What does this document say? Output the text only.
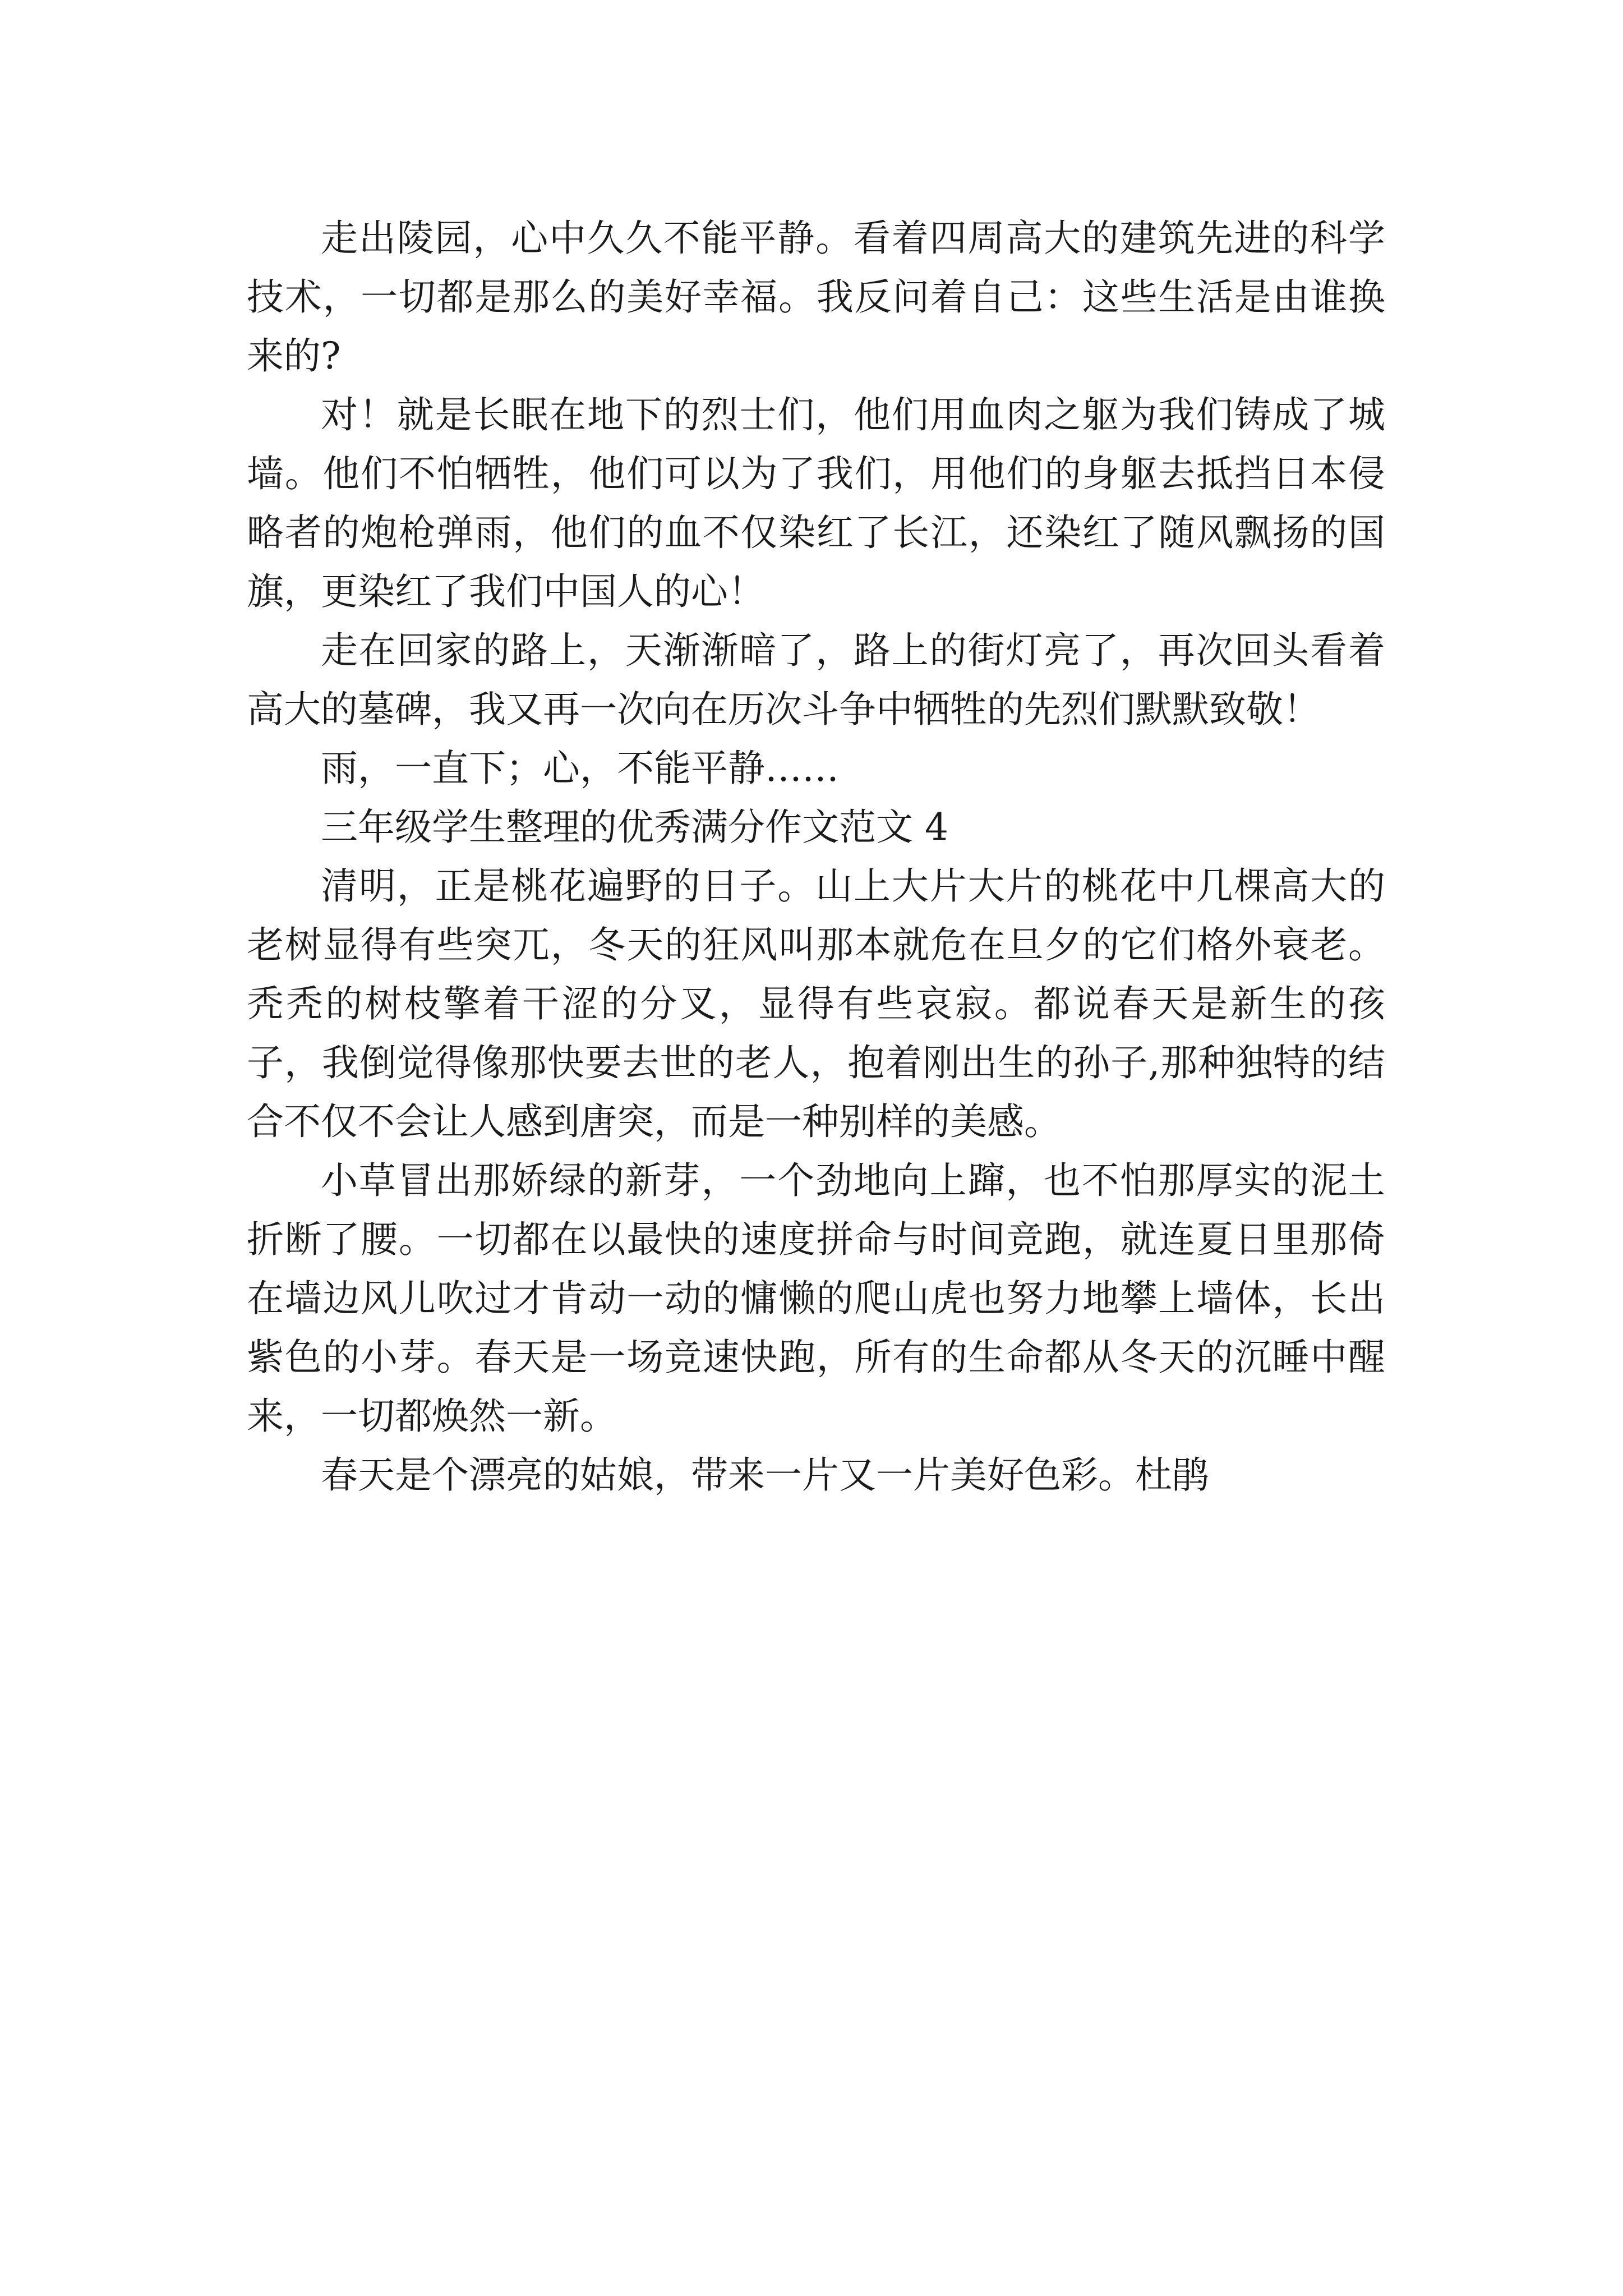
走出陵园，心中久久不能平静。看着四周高大的建筑先进的科学技术，一切都是那么的美好幸福。我反问着自己：这些生活是由谁换来的?

对！就是长眠在地下的烈士们，他们用血肉之躯为我们铸成了城墙。他们不怕牺牲，他们可以为了我们，用他们的身躯去抵挡日本侵略者的炮枪弹雨，他们的血不仅染红了长江，还染红了随风飘扬的国旗，更染红了我们中国人的心！

走在回家的路上，天渐渐暗了，路上的街灯亮了，再次回头看着高大的墓碑，我又再一次向在历次斗争中牺牲的先烈们默默致敬！

雨，一直下；心，不能平静……

三年级学生整理的优秀满分作文范文 4

清明，正是桃花遍野的日子。山上大片大片的桃花中几棵高大的老树显得有些突兀，冬天的狂风叫那本就危在旦夕的它们格外衰老。秃秃的树枝擎着干涩的分叉，显得有些哀寂。都说春天是新生的孩子，我倒觉得像那快要去世的老人，抱着刚出生的孙子,那种独特的结合不仅不会让人感到唐突，而是一种别样的美感。

小草冒出那娇绿的新芽，一个劲地向上蹿，也不怕那厚实的泥土折断了腰。一切都在以最快的速度拼命与时间竞跑，就连夏日里那倚在墙边风儿吹过才肯动一动的慵懒的爬山虎也努力地攀上墙体，长出紫色的小芽。春天是一场竞速快跑，所有的生命都从冬天的沉睡中醒来，一切都焕然一新。

春天是个漂亮的姑娘，带来一片又一片美好色彩。杜鹃
